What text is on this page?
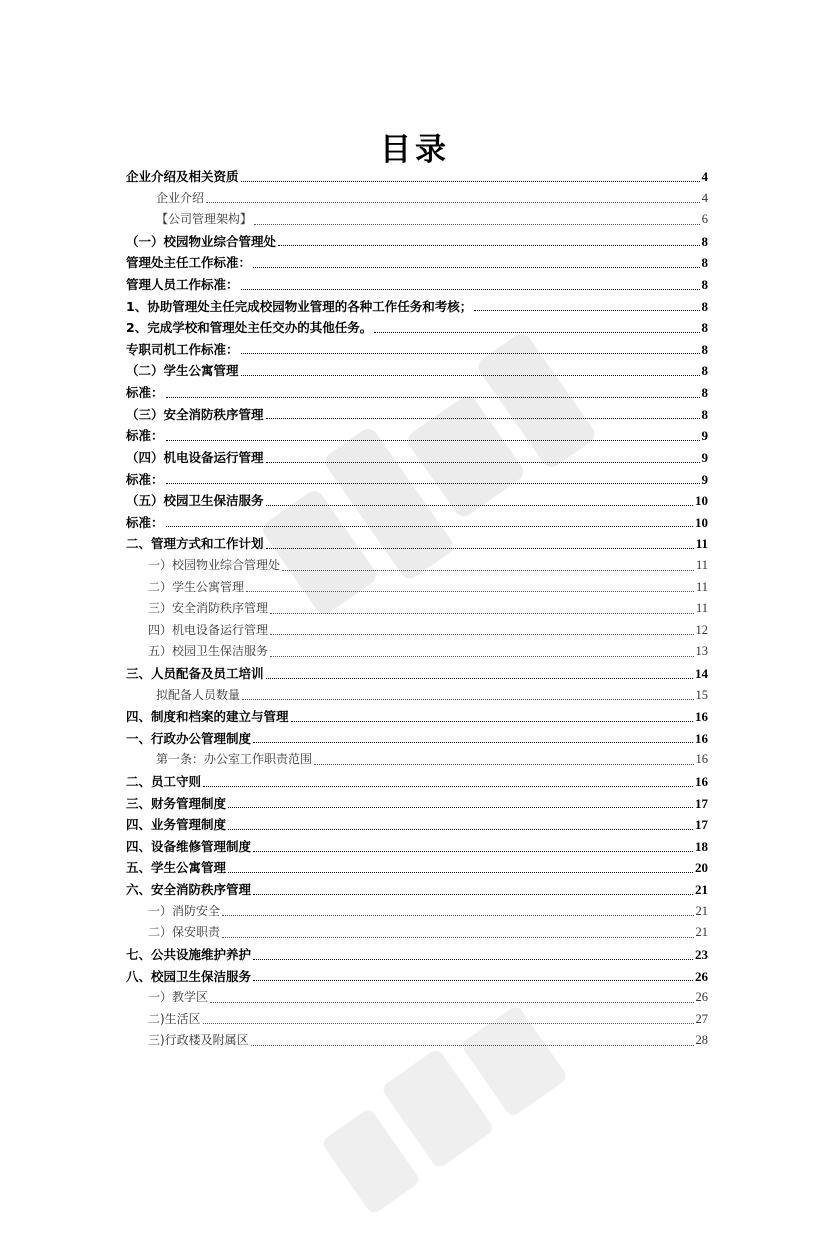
目录
企业介绍及相关资质	4
企业介绍	4
【公司管理架构】	6
（一）校园物业综合管理处	8
管理处主任工作标准：	8
管理人员工作标准：	8
1、协助管理处主任完成校园物业管理的各种工作任务和考核；	8
2、完成学校和管理处主任交办的其他任务。	8
专职司机工作标准：	8
（二）学生公寓管理	8
标准：	8
（三）安全消防秩序管理	8
标准：	9
（四）机电设备运行管理	9
标准：	9
（五）校园卫生保洁服务	10
标准：	10
二、管理方式和工作计划	11
一）校园物业综合管理处	11
二）学生公寓管理	11
三）安全消防秩序管理	11
四）机电设备运行管理	12
五）校园卫生保洁服务	13
三、人员配备及员工培训	14
拟配备人员数量	15
四、制度和档案的建立与管理	16
一、行政办公管理制度	16
第一条：办公室工作职责范围	16
二、员工守则	16
三、财务管理制度	17
四、业务管理制度	17
四、设备维修管理制度	18
五、学生公寓管理	20
六、安全消防秩序管理	21
一）消防安全	21
二）保安职责	21
七、公共设施维护养护	23
八、校园卫生保洁服务	26
一）教学区	26
二)生活区	27
三)行政楼及附属区	28
